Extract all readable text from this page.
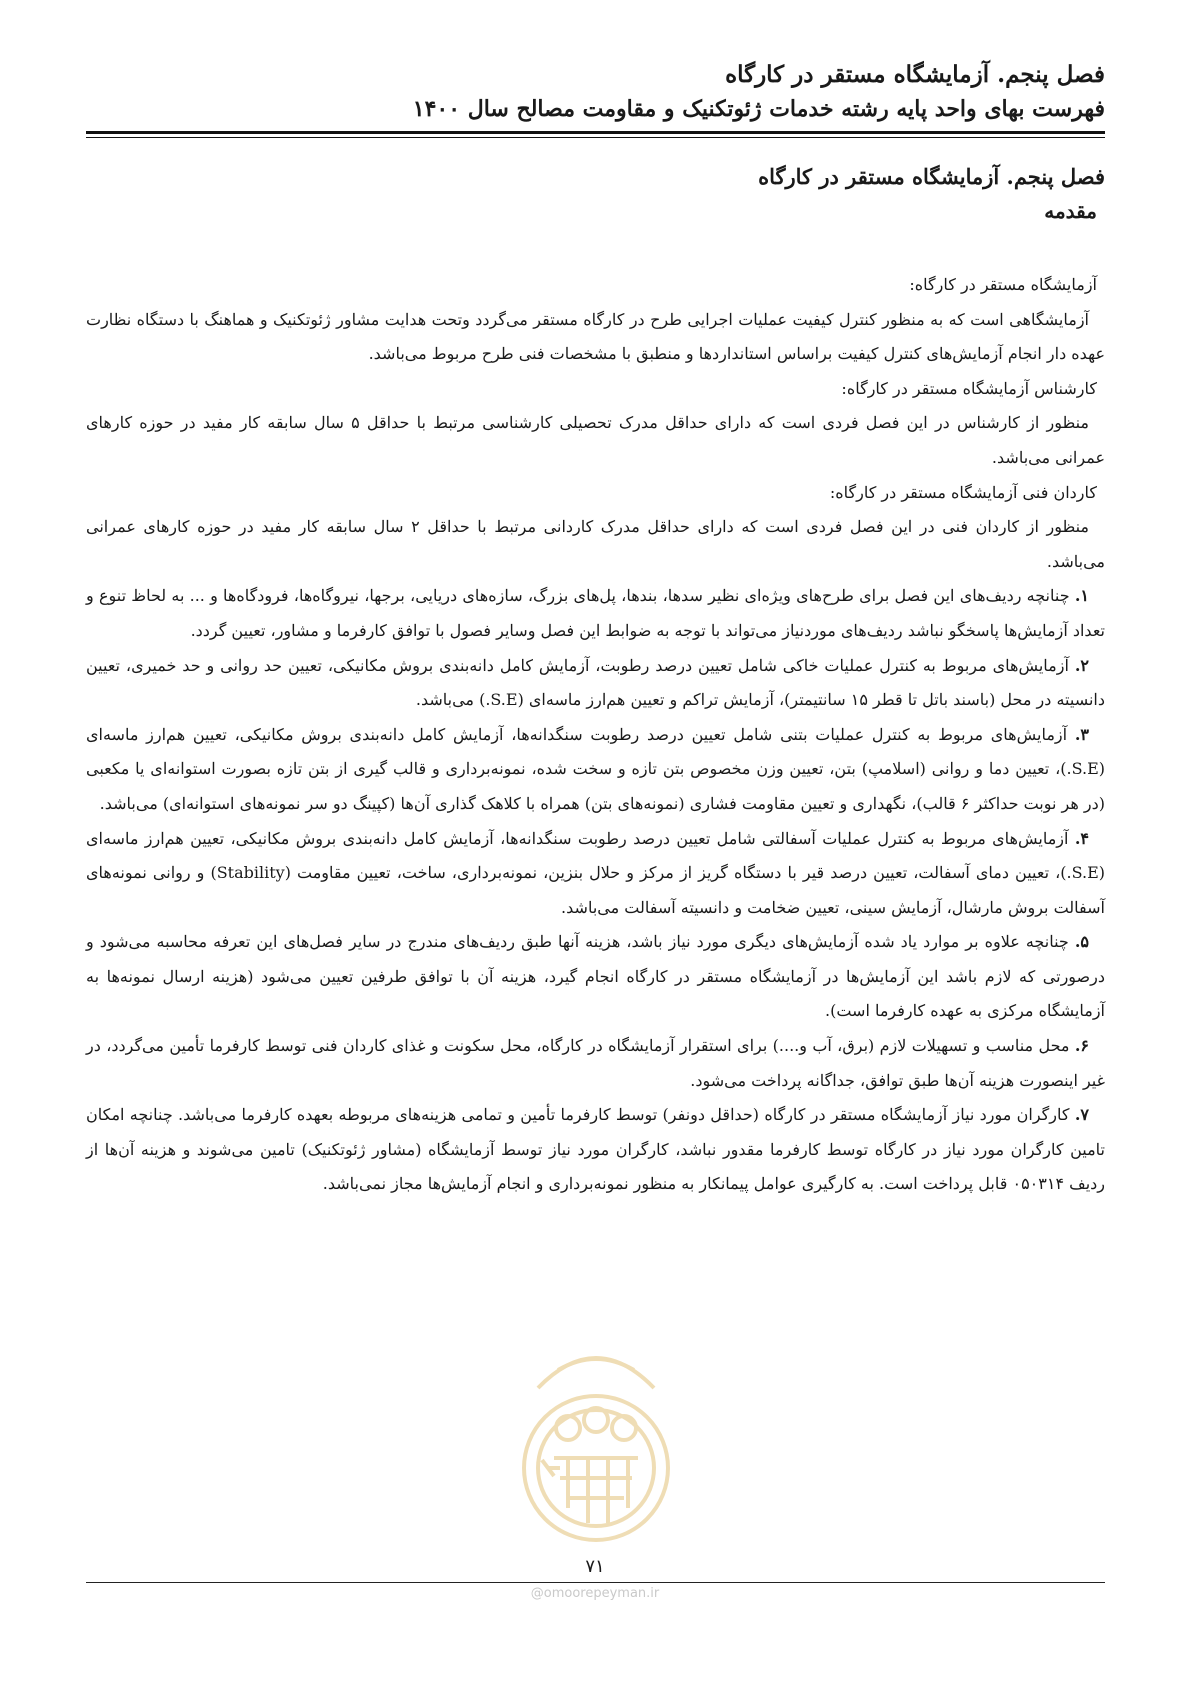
فصل پنجم. آزمایشگاه مستقر در کارگاه
فهرست بهای واحد پایه رشته خدمات ژئوتکنیک و مقاومت مصالح سال ۱۴۰۰
فصل پنجم. آزمایشگاه مستقر در کارگاه
مقدمه

آزمایشگاه مستقر در کارگاه:

آزمایشگاهی است که به منظور کنترل کیفیت عملیات اجرایی طرح در کارگاه مستقر می‌گردد وتحت هدایت مشاور ژئوتکنیک و هماهنگ با دستگاه نظارت عهده دار انجام آزمایش‌های کنترل کیفیت براساس استانداردها و منطبق با مشخصات فنی طرح مربوط می‌باشد.

کارشناس آزمایشگاه مستقر در کارگاه:

منظور از کارشناس در این فصل فردی است که دارای حداقل مدرک تحصیلی کارشناسی مرتبط با حداقل ۵ سال سابقه کار مفید در حوزه کارهای عمرانی می‌باشد.

کاردان فنی آزمایشگاه مستقر در کارگاه:

منظور از کاردان فنی در این فصل فردی است که دارای حداقل مدرک کاردانی مرتبط با حداقل ۲ سال سابقه کار مفید در حوزه کارهای عمرانی می‌باشد.

۱. چنانچه ردیف‌های این فصل برای طرح‌های ویژه‌ای نظیر سدها، بندها، پل‌های بزرگ، سازه‌های دریایی، برجها، نیروگاه‌ها، فرودگاه‌ها و ... به لحاظ تنوع و تعداد آزمایش‌ها پاسخگو نباشد ردیف‌های موردنیاز می‌تواند با توجه به ضوابط این فصل وسایر فصول با توافق کارفرما و مشاور، تعیین گردد.

۲. آزمایش‌های مربوط به کنترل عملیات خاکی شامل تعیین درصد رطوبت، آزمایش کامل دانه‌بندی بروش مکانیکی، تعیین حد روانی و حد خمیری، تعیین دانسیته در محل (باسند باتل تا قطر ۱۵ سانتیمتر)، آزمایش تراکم و تعیین هم‌ارز ماسه‌ای (S.E.) می‌باشد.

۳. آزمایش‌های مربوط به کنترل عملیات بتنی شامل تعیین درصد رطوبت سنگدانه‌ها، آزمایش کامل دانه‌بندی بروش مکانیکی، تعیین هم‌ارز ماسه‌ای (S.E.)، تعیین دما و روانی (اسلامپ) بتن، تعیین وزن مخصوص بتن تازه و سخت شده، نمونه‌برداری و قالب گیری از بتن تازه بصورت استوانه‌ای یا مکعبی (در هر نوبت حداکثر ۶ قالب)، نگهداری و تعیین مقاومت فشاری (نمونه‌های بتن) همراه با کلاهک گذاری آن‌ها (کپینگ دو سر نمونه‌های استوانه‌ای) می‌باشد.

۴. آزمایش‌های مربوط به کنترل عملیات آسفالتی شامل تعیین درصد رطوبت سنگدانه‌ها، آزمایش کامل دانه‌بندی بروش مکانیکی، تعیین هم‌ارز ماسه‌ای (S.E.)، تعیین دمای آسفالت، تعیین درصد قیر با دستگاه گریز از مرکز و حلال بنزین، نمونه‌برداری، ساخت، تعیین مقاومت (Stability) و روانی نمونه‌های آسفالت بروش مارشال، آزمایش سینی، تعیین ضخامت و دانسیته آسفالت می‌باشد.

۵. چنانچه علاوه بر موارد یاد شده آزمایش‌های دیگری مورد نیاز باشد، هزینه آنها طبق ردیف‌های مندرج در سایر فصل‌های این تعرفه محاسبه می‌شود و درصورتی که لازم باشد این آزمایش‌ها در آزمایشگاه مستقر در کارگاه انجام گیرد، هزینه آن با توافق طرفین تعیین می‌شود (هزینه ارسال نمونه‌ها به آزمایشگاه مرکزی به عهده کارفرما است).

۶. محل مناسب و تسهیلات لازم (برق، آب و....) برای استقرار آزمایشگاه در کارگاه، محل سکونت و غذای کاردان فنی توسط کارفرما تأمین می‌گردد، در غیر اینصورت هزینه آن‌ها طبق توافق، جداگانه پرداخت می‌شود.

۷. کارگران مورد نیاز آزمایشگاه مستقر در کارگاه (حداقل دونفر) توسط کارفرما تأمین و تمامی هزینه‌های مربوطه بعهده کارفرما می‌باشد. چنانچه امکان تامین کارگران مورد نیاز در کارگاه توسط کارفرما مقدور نباشد، کارگران مورد نیاز توسط آزمایشگاه (مشاور ژئوتکنیک) تامین می‌شوند و هزینه آن‌ها از ردیف ۰۵۰۳۱۴ قابل پرداخت است. به کارگیری عوامل پیمانکار به منظور نمونه‌برداری و انجام آزمایش‌ها مجاز نمی‌باشد.

۷۱
@omoorepeyman.ir
